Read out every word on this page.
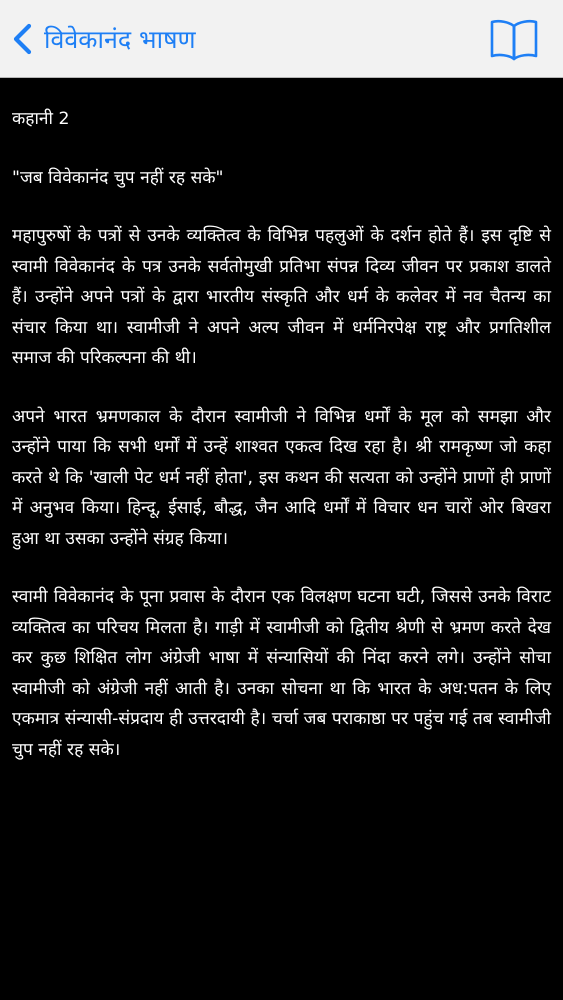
विवेकानंद भाषण

कहानी 2

"जब विवेकानंद चुप नहीं रह सके"

महापुरुषों के पत्रों से उनके व्यक्तित्व के विभिन्न पहलुओं के दर्शन होते हैं। इस दृष्टि से स्वामी विवेकानंद के पत्र उनके सर्वतोमुखी प्रतिभा संपन्न दिव्य जीवन पर प्रकाश डालते हैं। उन्होंने अपने पत्रों के द्वारा भारतीय संस्कृति और धर्म के कलेवर में नव चैतन्य का संचार किया था। स्वामीजी ने अपने अल्प जीवन में धर्मनिरपेक्ष राष्ट्र और प्रगतिशील समाज की परिकल्पना की थी।

अपने भारत भ्रमणकाल के दौरान स्वामीजी ने विभिन्न धर्मों के मूल को समझा और उन्होंने पाया कि सभी धर्मों में उन्हें शाश्वत एकत्व दिख रहा है। श्री रामकृष्ण जो कहा करते थे कि 'खाली पेट धर्म नहीं होता', इस कथन की सत्यता को उन्होंने प्राणों ही प्राणों में अनुभव किया। हिन्दू, ईसाई, बौद्ध, जैन आदि धर्मों में विचार धन चारों ओर बिखरा हुआ था उसका उन्होंने संग्रह किया।

स्वामी विवेकानंद के पूना प्रवास के दौरान एक विलक्षण घटना घटी, जिससे उनके विराट व्यक्तित्व का परिचय मिलता है। गाड़ी में स्वामीजी को द्वितीय श्रेणी से भ्रमण करते देख कर कुछ शिक्षित लोग अंग्रेजी भाषा में संन्यासियों की निंदा करने लगे। उन्होंने सोचा स्वामीजी को अंग्रेजी नहीं आती है। उनका सोचना था कि भारत के अध:पतन के लिए एकमात्र संन्यासी-संप्रदाय ही उत्तरदायी है। चर्चा जब पराकाष्ठा पर पहुंच गई तब स्वामीजी चुप नहीं रह सके।
